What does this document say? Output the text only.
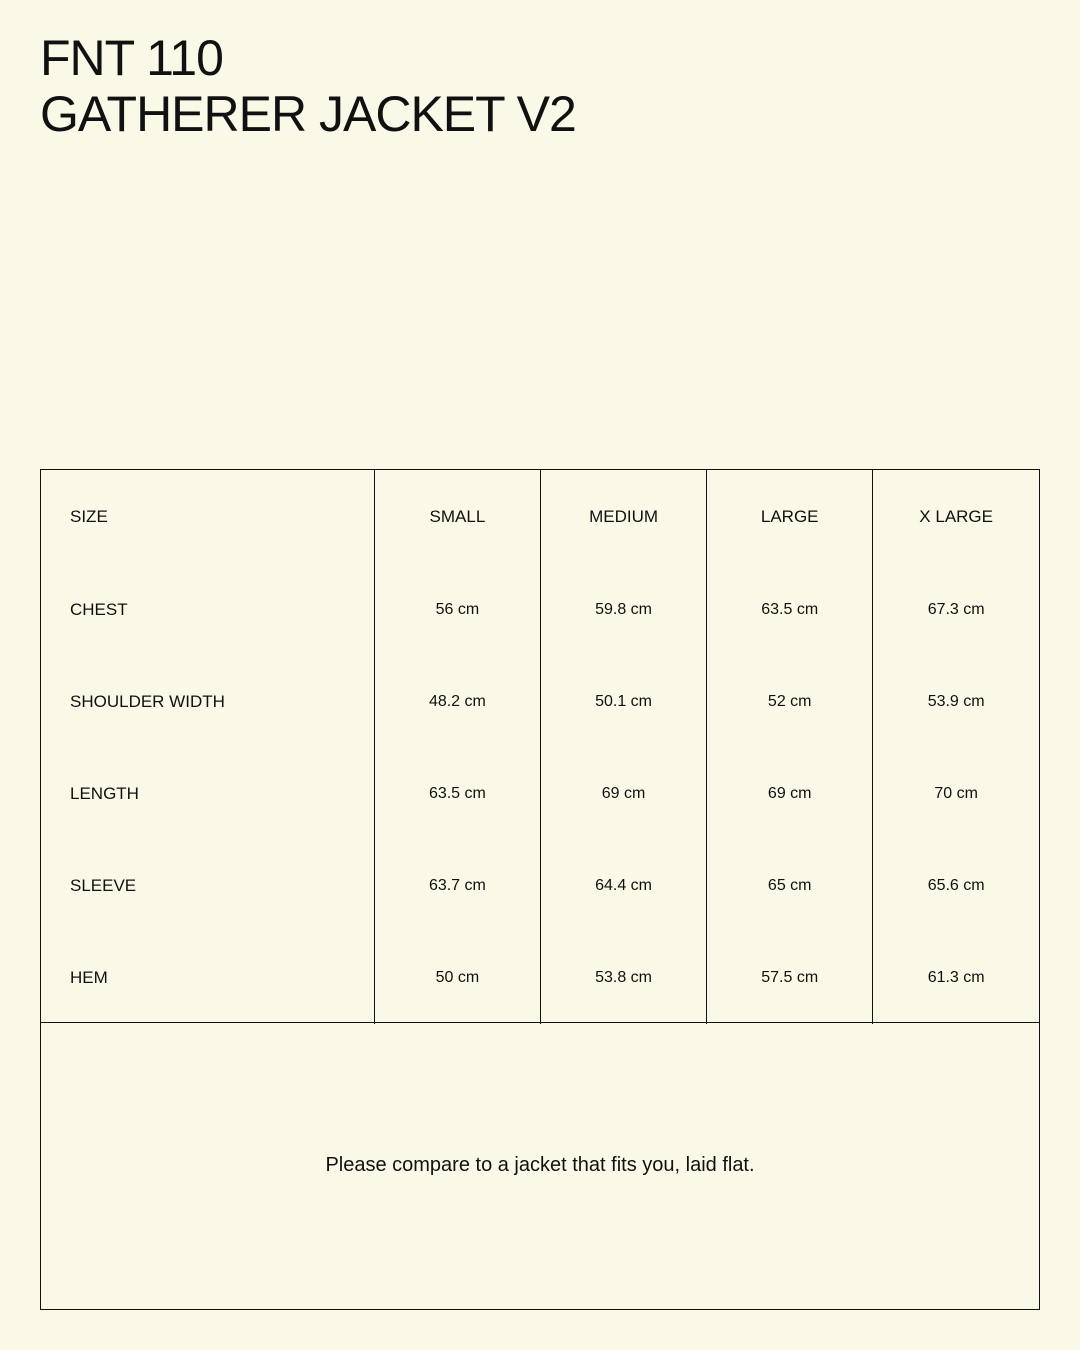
FNT 110
GATHERER JACKET V2
SIZE	SMALL	MEDIUM	LARGE	X LARGE
CHEST	56 cm	59.8 cm	63.5 cm	67.3 cm
SHOULDER WIDTH	48.2 cm	50.1 cm	52 cm	53.9 cm
LENGTH	63.5 cm	69 cm	69 cm	70 cm
SLEEVE	63.7 cm	64.4 cm	65 cm	65.6 cm
HEM	50 cm	53.8 cm	57.5 cm	61.3 cm

Please compare to a jacket that fits you, laid flat.
